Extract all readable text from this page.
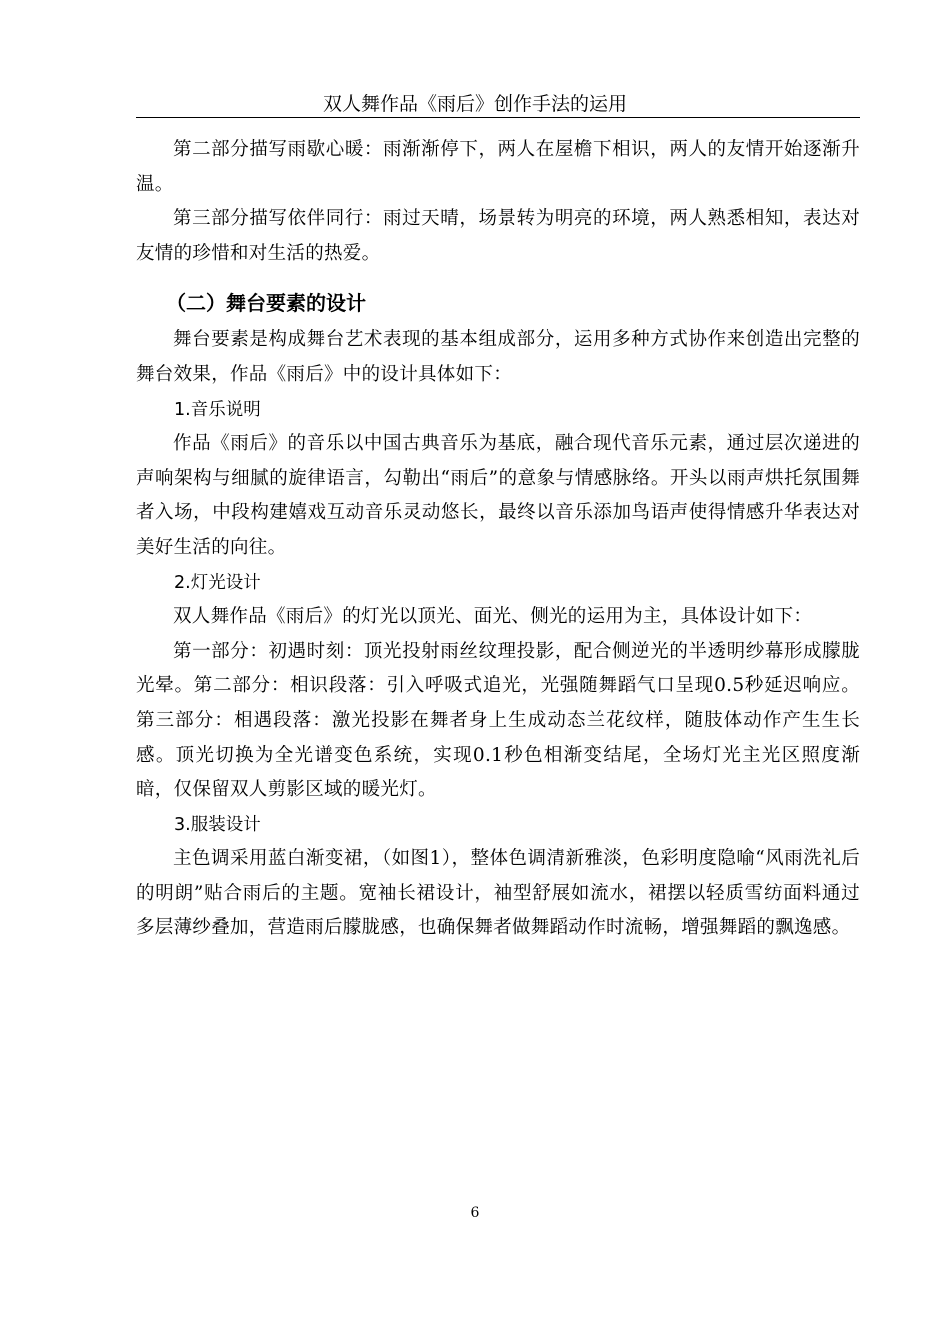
双人舞作品《雨后》创作手法的运用

第二部分描写雨歇心暖：雨渐渐停下，两人在屋檐下相识，两人的友情开始逐渐升温。

第三部分描写依伴同行：雨过天晴，场景转为明亮的环境，两人熟悉相知，表达对友情的珍惜和对生活的热爱。

（二）舞台要素的设计

舞台要素是构成舞台艺术表现的基本组成部分，运用多种方式协作来创造出完整的舞台效果，作品《雨后》中的设计具体如下：

1.音乐说明

作品《雨后》的音乐以中国古典音乐为基底，融合现代音乐元素，通过层次递进的声响架构与细腻的旋律语言，勾勒出“雨后”的意象与情感脉络。开头以雨声烘托氛围舞者入场，中段构建嬉戏互动音乐灵动悠长，最终以音乐添加鸟语声使得情感升华表达对美好生活的向往。

2.灯光设计

双人舞作品《雨后》的灯光以顶光、面光、侧光的运用为主，具体设计如下：

第一部分：初遇时刻：顶光投射雨丝纹理投影，配合侧逆光的半透明纱幕形成朦胧光晕。第二部分：相识段落：引入呼吸式追光，光强随舞蹈气口呈现0.5秒延迟响应。第三部分：相遇段落：激光投影在舞者身上生成动态兰花纹样，随肢体动作产生生长感。顶光切换为全光谱变色系统，实现0.1秒色相渐变结尾，全场灯光主光区照度渐暗，仅保留双人剪影区域的暖光灯。

3.服装设计

主色调采用蓝白渐变裙，（如图1），整体色调清新雅淡，色彩明度隐喻“风雨洗礼后的明朗”贴合雨后的主题。宽袖长裙设计，袖型舒展如流水，裙摆以轻质雪纺面料通过多层薄纱叠加，营造雨后朦胧感，也确保舞者做舞蹈动作时流畅，增强舞蹈的飘逸感。

6
